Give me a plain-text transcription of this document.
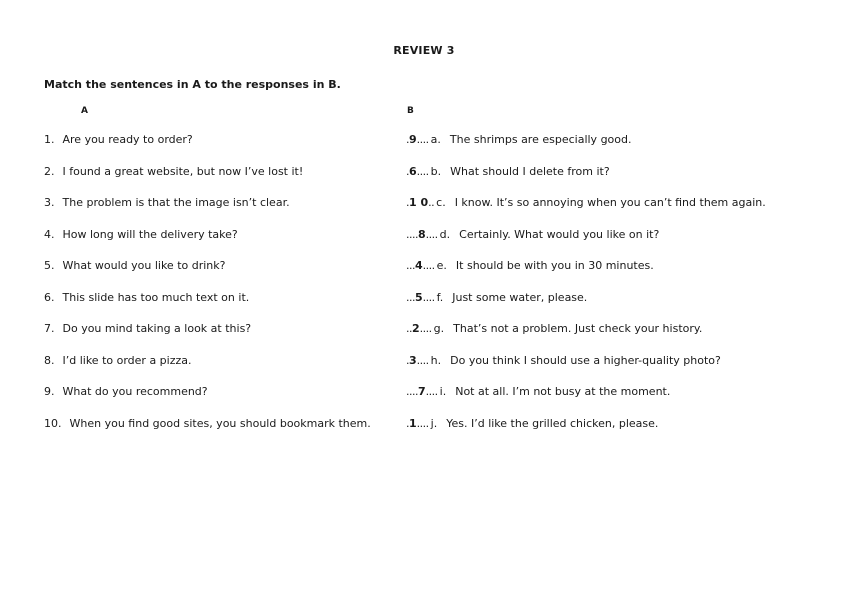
REVIEW 3
Match the sentences in A to the responses in B.
A	B
1. Are you ready to order?	.9.... a. The shrimps are especially good.
2. I found a great website, but now I’ve lost it!	.6.... b. What should I delete from it?
3. The problem is that the image isn’t clear.	.1 0.. c. I know. It’s so annoying when you can’t find them again.
4. How long will the delivery take?	....8.... d. Certainly. What would you like on it?
5. What would you like to drink?	...4.... e. It should be with you in 30 minutes.
6. This slide has too much text on it.	...5.... f. Just some water, please.
7. Do you mind taking a look at this?	..2.... g. That’s not a problem. Just check your history.
8. I’d like to order a pizza.	.3.... h. Do you think I should use a higher-quality photo?
9. What do you recommend?	....7.... i. Not at all. I’m not busy at the moment.
10. When you find good sites, you should bookmark them.	.1.... j. Yes. I’d like the grilled chicken, please.
